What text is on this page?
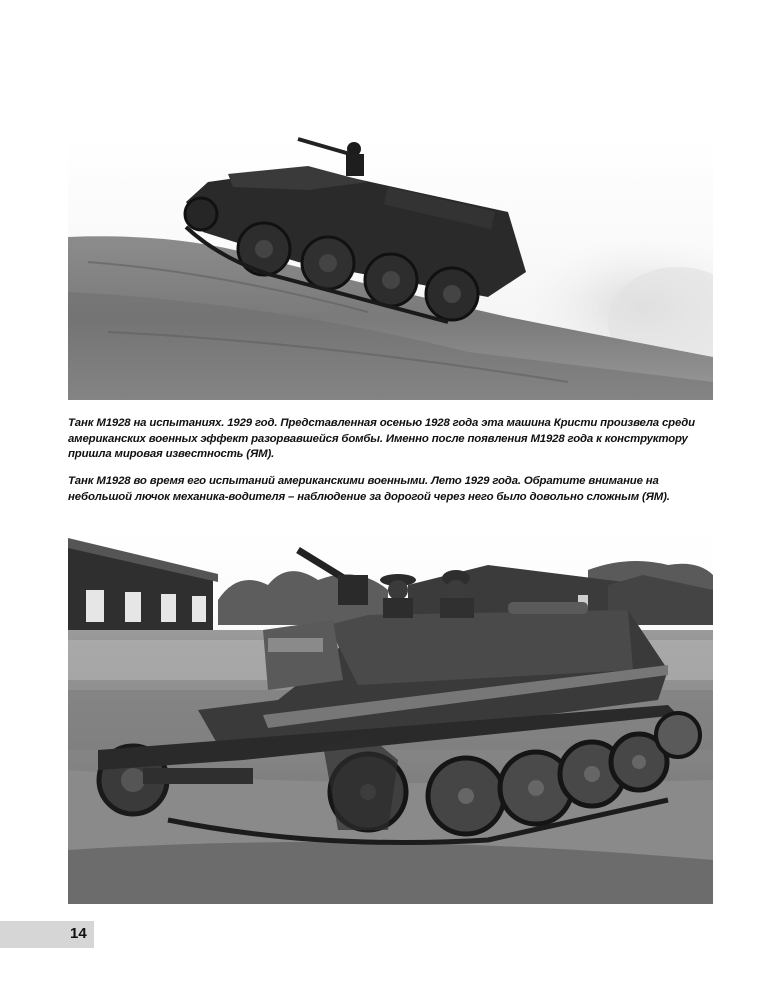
Танк M1928 на испытаниях. 1929 год. Представленная осенью 1928 года эта машина Кристи произвела среди американских военных эффект разорвавшейся бомбы. Именно после появления M1928 года к конструктору пришла мировая известность (ЯМ).

Танк M1928 во время его испытаний американскими военными. Лето 1929 года. Обратите внимание на небольшой лючок механика-водителя – наблюдение за дорогой через него было довольно сложным (ЯМ).

14
